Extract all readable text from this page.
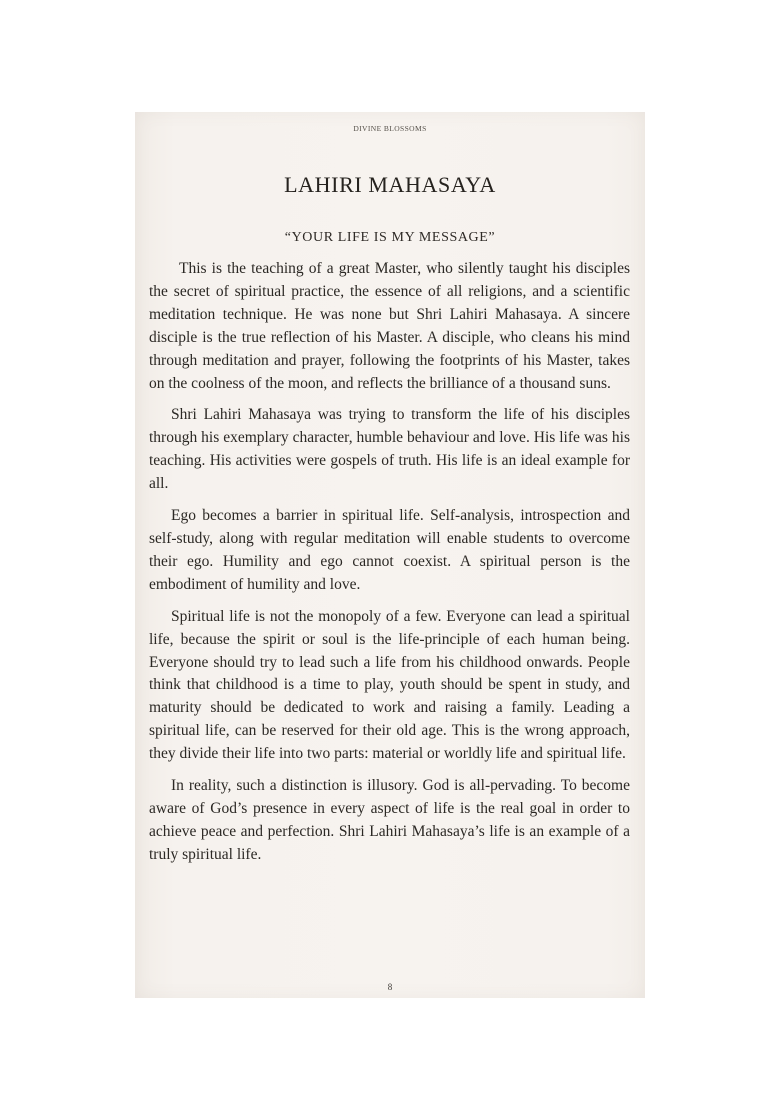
DIVINE BLOSSOMS
LAHIRI MAHASAYA
“YOUR LIFE IS MY MESSAGE”

This is the teaching of a great Master, who silently taught his disciples the secret of spiritual practice, the essence of all religions, and a scientific meditation technique. He was none but Shri Lahiri Mahasaya. A sincere disciple is the true reflection of his Master. A disciple, who cleans his mind through meditation and prayer, following the footprints of his Master, takes on the coolness of the moon, and reflects the brilliance of a thousand suns.

Shri Lahiri Mahasaya was trying to transform the life of his disciples through his exemplary character, humble behaviour and love. His life was his teaching. His activities were gospels of truth. His life is an ideal example for all.

Ego becomes a barrier in spiritual life. Self-analysis, introspection and self-study, along with regular meditation will enable students to overcome their ego. Humility and ego cannot coexist. A spiritual person is the embodiment of humility and love.

Spiritual life is not the monopoly of a few. Everyone can lead a spiritual life, because the spirit or soul is the life-principle of each human being. Everyone should try to lead such a life from his childhood onwards. People think that childhood is a time to play, youth should be spent in study, and maturity should be dedicated to work and raising a family. Leading a spiritual life, can be reserved for their old age. This is the wrong approach, they divide their life into two parts: material or worldly life and spiritual life.

In reality, such a distinction is illusory. God is all-pervading. To become aware of God’s presence in every aspect of life is the real goal in order to achieve peace and perfection. Shri Lahiri Mahasaya’s life is an example of a truly spiritual life.

8
